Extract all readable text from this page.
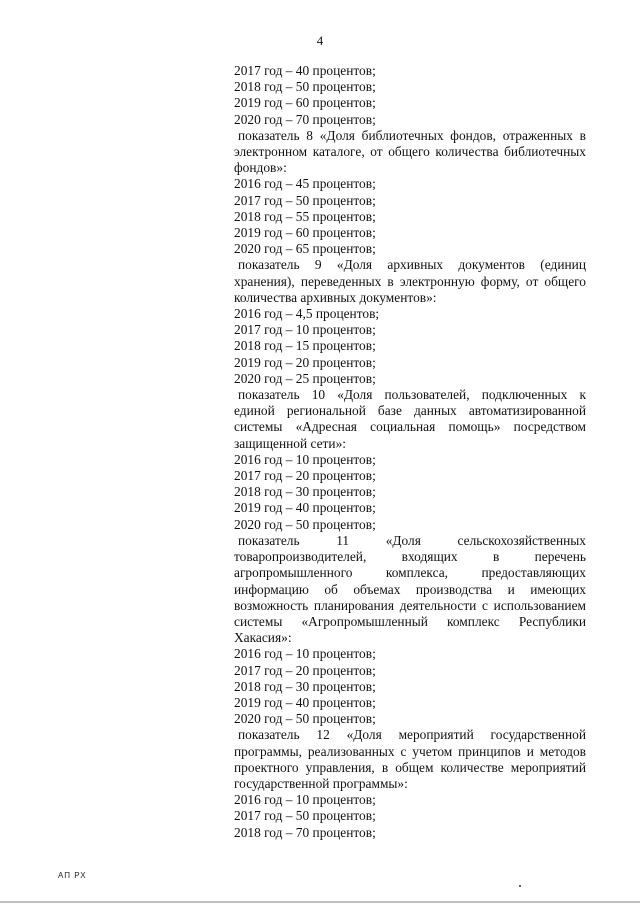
4
2017 год – 40 процентов;
2018 год – 50 процентов;
2019 год – 60 процентов;
2020 год – 70 процентов;
показатель 8 «Доля библиотечных фондов, отраженных в электронном каталоге, от общего количества библиотечных фондов»:
2016 год – 45 процентов;
2017 год – 50 процентов;
2018 год – 55 процентов;
2019 год – 60 процентов;
2020 год – 65 процентов;
показатель 9 «Доля архивных документов (единиц хранения), переведенных в электронную форму, от общего количества архивных документов»:
2016 год – 4,5 процентов;
2017 год – 10 процентов;
2018 год – 15 процентов;
2019 год – 20 процентов;
2020 год – 25 процентов;
показатель 10 «Доля пользователей, подключенных к единой региональной базе данных автоматизированной системы «Адресная социальная помощь» посредством защищенной сети»:
2016 год – 10 процентов;
2017 год – 20 процентов;
2018 год – 30 процентов;
2019 год – 40 процентов;
2020 год – 50 процентов;
показатель 11 «Доля сельскохозяйственных товаропроизводителей, входящих в перечень агропромышленного комплекса, предоставляющих информацию об объемах производства и имеющих возможность планирования деятельности с использованием системы «Агропромышленный комплекс Республики Хакасия»:
2016 год – 10 процентов;
2017 год – 20 процентов;
2018 год – 30 процентов;
2019 год – 40 процентов;
2020 год – 50 процентов;
показатель 12 «Доля мероприятий государственной программы, реализованных с учетом принципов и методов проектного управления, в общем количестве мероприятий государственной программы»:
2016 год – 10 процентов;
2017 год – 50 процентов;
2018 год – 70 процентов;
АП РХ
